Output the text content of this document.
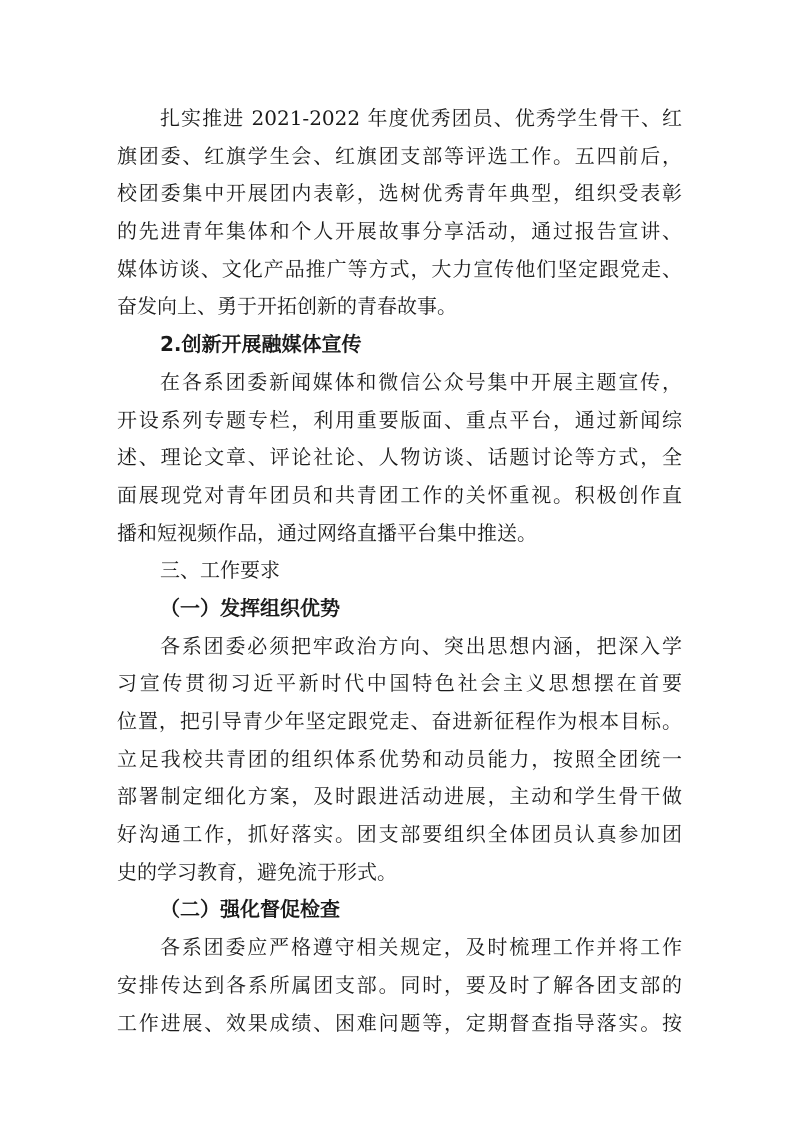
扎实推进 2021-2022 年度优秀团员、优秀学生骨干、红
旗团委、红旗学生会、红旗团支部等评选工作。五四前后，
校团委集中开展团内表彰，选树优秀青年典型，组织受表彰
的先进青年集体和个人开展故事分享活动，通过报告宣讲、
媒体访谈、文化产品推广等方式，大力宣传他们坚定跟党走、
奋发向上、勇于开拓创新的青春故事。
2.创新开展融媒体宣传
在各系团委新闻媒体和微信公众号集中开展主题宣传，
开设系列专题专栏，利用重要版面、重点平台，通过新闻综
述、理论文章、评论社论、人物访谈、话题讨论等方式，全
面展现党对青年团员和共青团工作的关怀重视。积极创作直
播和短视频作品，通过网络直播平台集中推送。
三、工作要求
（一）发挥组织优势
各系团委必须把牢政治方向、突出思想内涵，把深入学
习宣传贯彻习近平新时代中国特色社会主义思想摆在首要
位置，把引导青少年坚定跟党走、奋进新征程作为根本目标。
立足我校共青团的组织体系优势和动员能力，按照全团统一
部署制定细化方案，及时跟进活动进展，主动和学生骨干做
好沟通工作，抓好落实。团支部要组织全体团员认真参加团
史的学习教育，避免流于形式。
（二）强化督促检查
各系团委应严格遵守相关规定，及时梳理工作并将工作
安排传达到各系所属团支部。同时，要及时了解各团支部的
工作进展、效果成绩、困难问题等，定期督查指导落实。按
